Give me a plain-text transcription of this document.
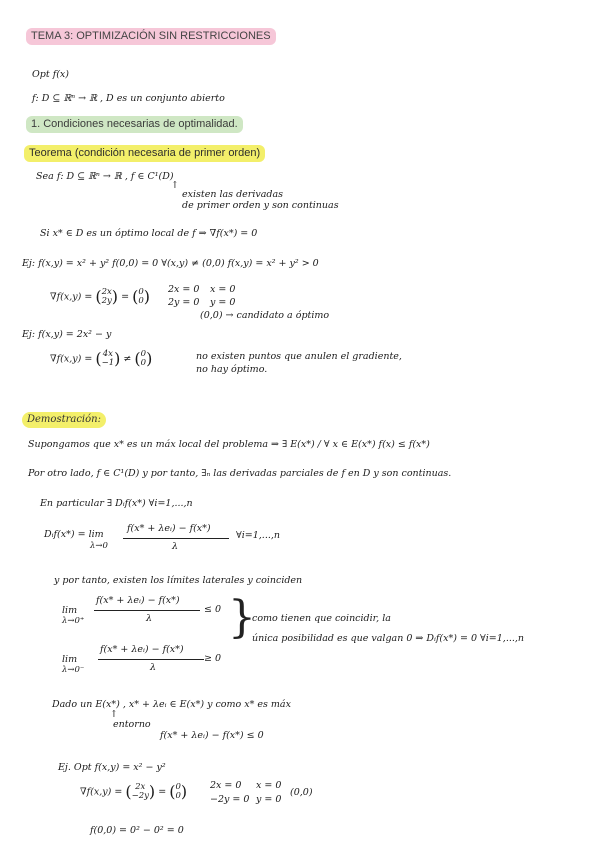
TEMA 3: OPTIMIZACIÓN SIN RESTRICCIONES
Opt f(x)
f: D ⊆ ℝⁿ → ℝ , D es un conjunto abierto
1. Condiciones necesarias de optimalidad.
Teorema (condición necesaria de primer orden)
Sea f: D ⊆ ℝⁿ → ℝ , f ∈ C¹(D)
↑
existen las derivadas
de primer orden y son continuas
Si x* ∈ D es un óptimo local de f ⇒ ∇f(x*) = 0
Ej: f(x,y) = x² + y² f(0,0) = 0 ∀(x,y) ≠ (0,0) f(x,y) = x² + y² > 0
∇f(x,y) = (2x
2y) = (0
0) 2x = 0
2y = 0
x = 0
y = 0
(0,0) → candidato a óptimo
Ej: f(x,y) = 2x² − y
∇f(x,y) = (4x
−1) ≠ (0
0)	no existen puntos que anulen el gradiente,
no hay óptimo.
Demostración:
Supongamos que x* es un máx local del problema ⇒ ∃ E(x*) / ∀ x ∈ E(x*) f(x) ≤ f(x*)
Por otro lado, f ∈ C¹(D) y por tanto, ∃ₙ las derivadas parciales de f en D y son continuas.
En particular ∃ Dᵢf(x*) ∀i=1,...,n
Dᵢf(x*) = lim
λ→0
f(x* + λeᵢ) − f(x*)
λ
∀i=1,...,n
y por tanto, existen los límites laterales y coinciden
lim
λ→0⁺
f(x* + λeᵢ) − f(x*)
λ
≤ 0
lim
λ→0⁻
f(x* + λeᵢ) − f(x*)
λ
≥ 0
}
como tienen que coincidir, la
única posibilidad es que valgan 0 ⇒ Dᵢf(x*) = 0 ∀i=1,...,n
Dado un E(x*) , x* + λeᵢ ∈ E(x*) y como x* es máx
↑
entorno
f(x* + λeᵢ) − f(x*) ≤ 0
Ej. Opt f(x,y) = x² − y²
∇f(x,y) = ( 2x
−2y) = (0
0) 2x = 0
−2y = 0
x = 0
y = 0
(0,0)
f(0,0) = 0² − 0² = 0
